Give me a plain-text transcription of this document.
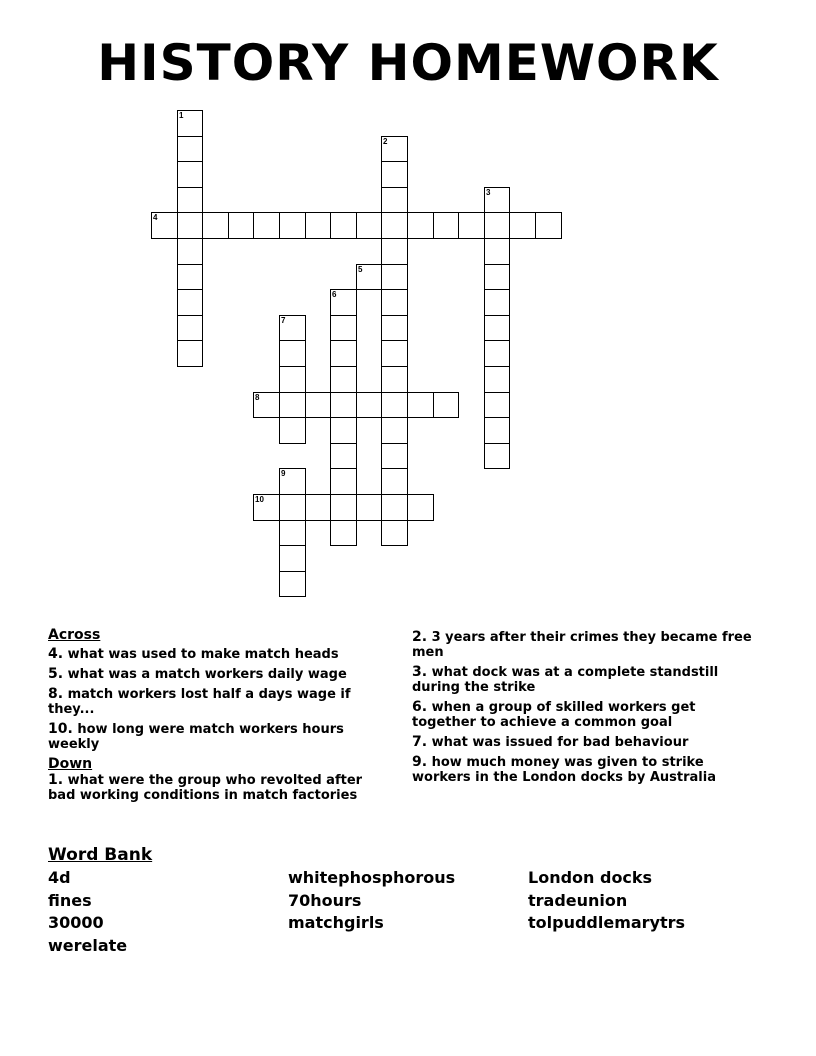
HISTORY HOMEWORK
1
2
3
4
5
6
7
8
9
10
Across
4. what was used to make match heads
5. what was a match workers daily wage
8. match workers lost half a days wage if they...
10. how long were match workers hours weekly
Down
1. what were the group who revolted after bad working conditions in match factories
2. 3 years after their crimes they became free men
3. what dock was at a complete standstill during the strike
6. when a group of skilled workers get together to achieve a common goal
7. what was issued for bad behaviour
9. how much money was given to strike workers in the London docks by Australia
Word Bank
4d	whitephosphorous	London docks
fines	70hours	tradeunion
30000	matchgirls	tolpuddlemarytrs
werelate
